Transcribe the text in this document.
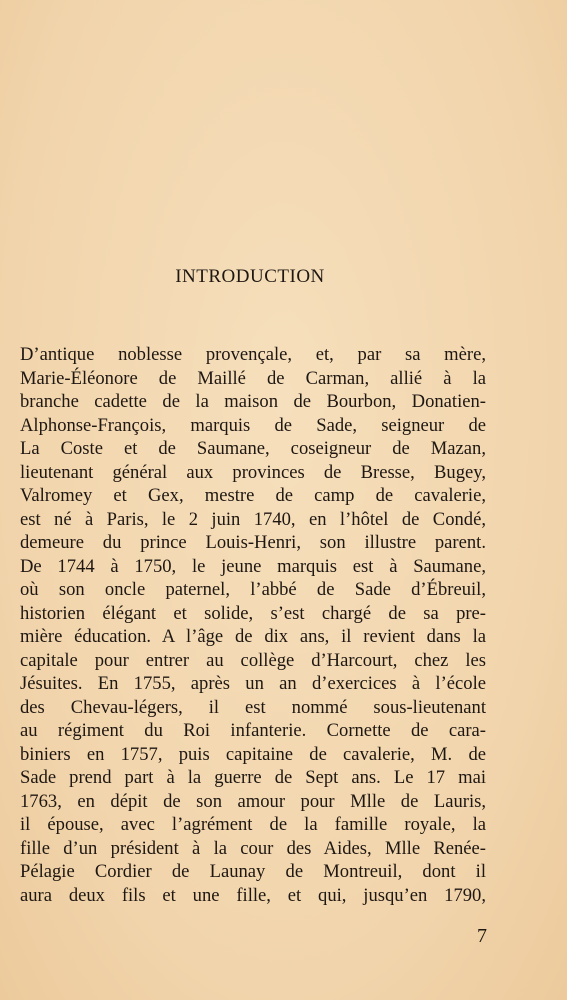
INTRODUCTION
D’antique noblesse provençale, et, par sa mère,
Marie-Éléonore de Maillé de Carman, allié à la
branche cadette de la maison de Bourbon, Donatien-
Alphonse-François, marquis de Sade, seigneur de
La Coste et de Saumane, coseigneur de Mazan,
lieutenant général aux provinces de Bresse, Bugey,
Valromey et Gex, mestre de camp de cavalerie,
est né à Paris, le 2 juin 1740, en l’hôtel de Condé,
demeure du prince Louis-Henri, son illustre parent.
De 1744 à 1750, le jeune marquis est à Saumane,
où son oncle paternel, l’abbé de Sade d’Ébreuil,
historien élégant et solide, s’est chargé de sa pre-
mière éducation. A l’âge de dix ans, il revient dans la
capitale pour entrer au collège d’Harcourt, chez les
Jésuites. En 1755, après un an d’exercices à l’école
des Chevau-légers, il est nommé sous-lieutenant
au régiment du Roi infanterie. Cornette de cara-
biniers en 1757, puis capitaine de cavalerie, M. de
Sade prend part à la guerre de Sept ans. Le 17 mai
1763, en dépit de son amour pour Mlle de Lauris,
il épouse, avec l’agrément de la famille royale, la
fille d’un président à la cour des Aides, Mlle Renée-
Pélagie Cordier de Launay de Montreuil, dont il
aura deux fils et une fille, et qui, jusqu’en 1790,
7
